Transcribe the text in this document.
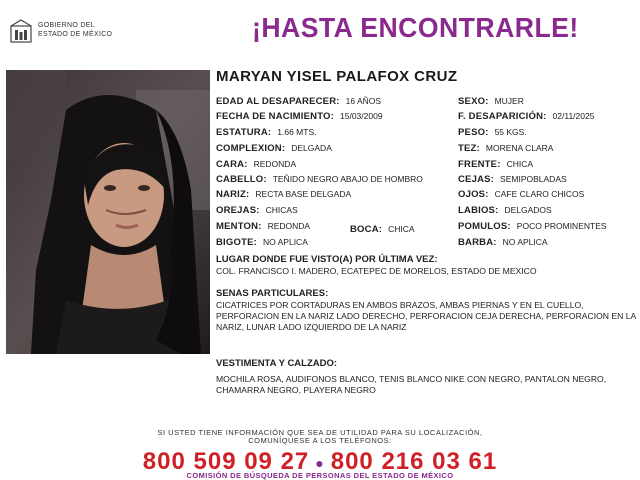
GOBIERNO DEL
ESTADO DE MÉXICO	¡HASTA ENCONTRARLE!
MARYAN YISEL PALAFOX CRUZ
EDAD AL DESAPARECER: 16 AÑOS
FECHA DE NACIMIENTO: 15/03/2009
ESTATURA: 1.66 MTS.
COMPLEXION: DELGADA
CARA: REDONDA
CABELLO: TEÑIDO NEGRO ABAJO DE HOMBRO
NARIZ: RECTA BASE DELGADA
OREJAS: CHICAS
MENTON: REDONDA	BOCA: CHICA
BIGOTE: NO APLICA
SEXO: MUJER
F. DESAPARICIÓN: 02/11/2025
PESO: 55 KGS.
TEZ: MORENA CLARA
FRENTE: CHICA
CEJAS: SEMIPOBLADAS
OJOS: CAFE CLARO CHICOS
LABIOS: DELGADOS
POMULOS: POCO PROMINENTES
BARBA: NO APLICA
LUGAR DONDE FUE VISTO(A) POR ÚLTIMA VEZ:
COL. FRANCISCO I. MADERO, ECATEPEC DE MORELOS, ESTADO DE MEXICO
SENAS PARTICULARES:
CICATRICES POR CORTADURAS EN AMBOS BRAZOS, AMBAS PIERNAS Y EN EL CUELLO, PERFORACION EN LA NARIZ LADO DERECHO, PERFORACION CEJA DERECHA, PERFORACION EN LA NARIZ, LUNAR LADO IZQUIERDO DE LA NARIZ
VESTIMENTA Y CALZADO:
MOCHILA ROSA, AUDIFONOS BLANCO, TENIS BLANCO NIKE CON NEGRO, PANTALON NEGRO, CHAMARRA NEGRO, PLAYERA NEGRO
SI USTED TIENE INFORMACIÓN QUE SEA DE UTILIDAD PARA SU LOCALIZACIÓN,
COMUNÍQUESE A LOS TELÉFONOS:
800 509 09 27 ● 800 216 03 61
COMISIÓN DE BÚSQUEDA DE PERSONAS DEL ESTADO DE MÉXICO
